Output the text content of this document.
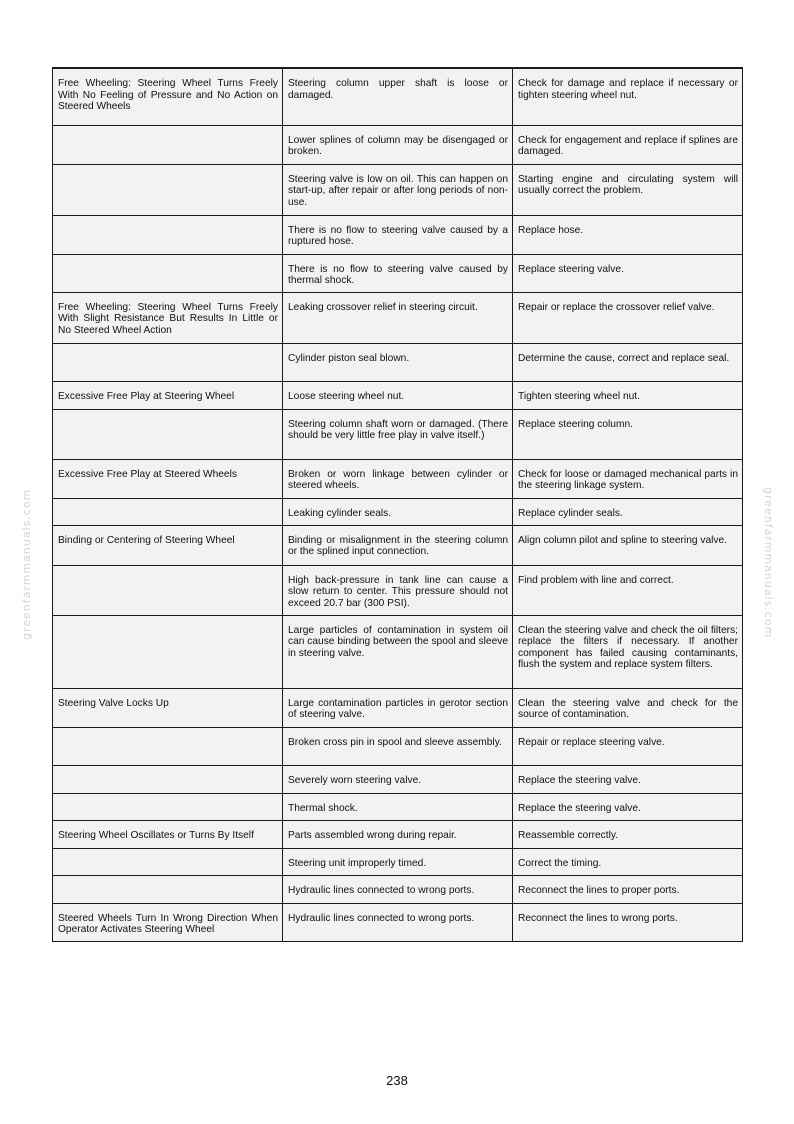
Free Wheeling: Steering Wheel Turns Freely With No Feeling of Pressure and No Action on Steered Wheels	Steering column upper shaft is loose or damaged.	Check for damage and replace if necessary or tighten steering wheel nut.
	Lower splines of column may be disengaged or broken.	Check for engagement and replace if splines are damaged.
	Steering valve is low on oil. This can happen on start-up, after repair or after long periods of non-use.	Starting engine and circulating system will usually correct the problem.
	There is no flow to steering valve caused by a ruptured hose.	Replace hose.
	There is no flow to steering valve caused by thermal shock.	Replace steering valve.
Free Wheeling: Steering Wheel Turns Freely With Slight Resistance But Results In Little or No Steered Wheel Action	Leaking crossover relief in steering circuit.	Repair or replace the crossover relief valve.
	Cylinder piston seal blown.	Determine the cause, correct and replace seal.
Excessive Free Play at Steering Wheel	Loose steering wheel nut.	Tighten steering wheel nut.
	Steering column shaft worn or damaged. (There should be very little free play in valve itself.)	Replace steering column.
Excessive Free Play at Steered Wheels	Broken or worn linkage between cylinder or steered wheels.	Check for loose or damaged mechanical parts in the steering linkage system.
	Leaking cylinder seals.	Replace cylinder seals.
Binding or Centering of Steering Wheel	Binding or misalignment in the steering column or the splined input connection.	Align column pilot and spline to steering valve.
	High back-pressure in tank line can cause a slow return to center. This pressure should not exceed 20.7 bar (300 PSI).	Find problem with line and correct.
	Large particles of contamination in system oil can cause binding between the spool and sleeve in steering valve.	Clean the steering valve and check the oil filters; replace the filters if necessary. If another component has failed causing contaminants, flush the system and replace system filters.
Steering Valve Locks Up	Large contamination particles in gerotor section of steering valve.	Clean the steering valve and check for the source of contamination.
	Broken cross pin in spool and sleeve assembly.	Repair or replace steering valve.
	Severely worn steering valve.	Replace the steering valve.
	Thermal shock.	Replace the steering valve.
Steering Wheel Oscillates or Turns By Itself	Parts assembled wrong during repair.	Reassemble correctly.
	Steering unit improperly timed.	Correct the timing.
	Hydraulic lines connected to wrong ports.	Reconnect the lines to proper ports.
Steered Wheels Turn In Wrong Direction When Operator Activates Steering Wheel	Hydraulic lines connected to wrong ports.	Reconnect the lines to wrong ports.
greenfarmmanuals.com	greenfarmmanuals.com
238
